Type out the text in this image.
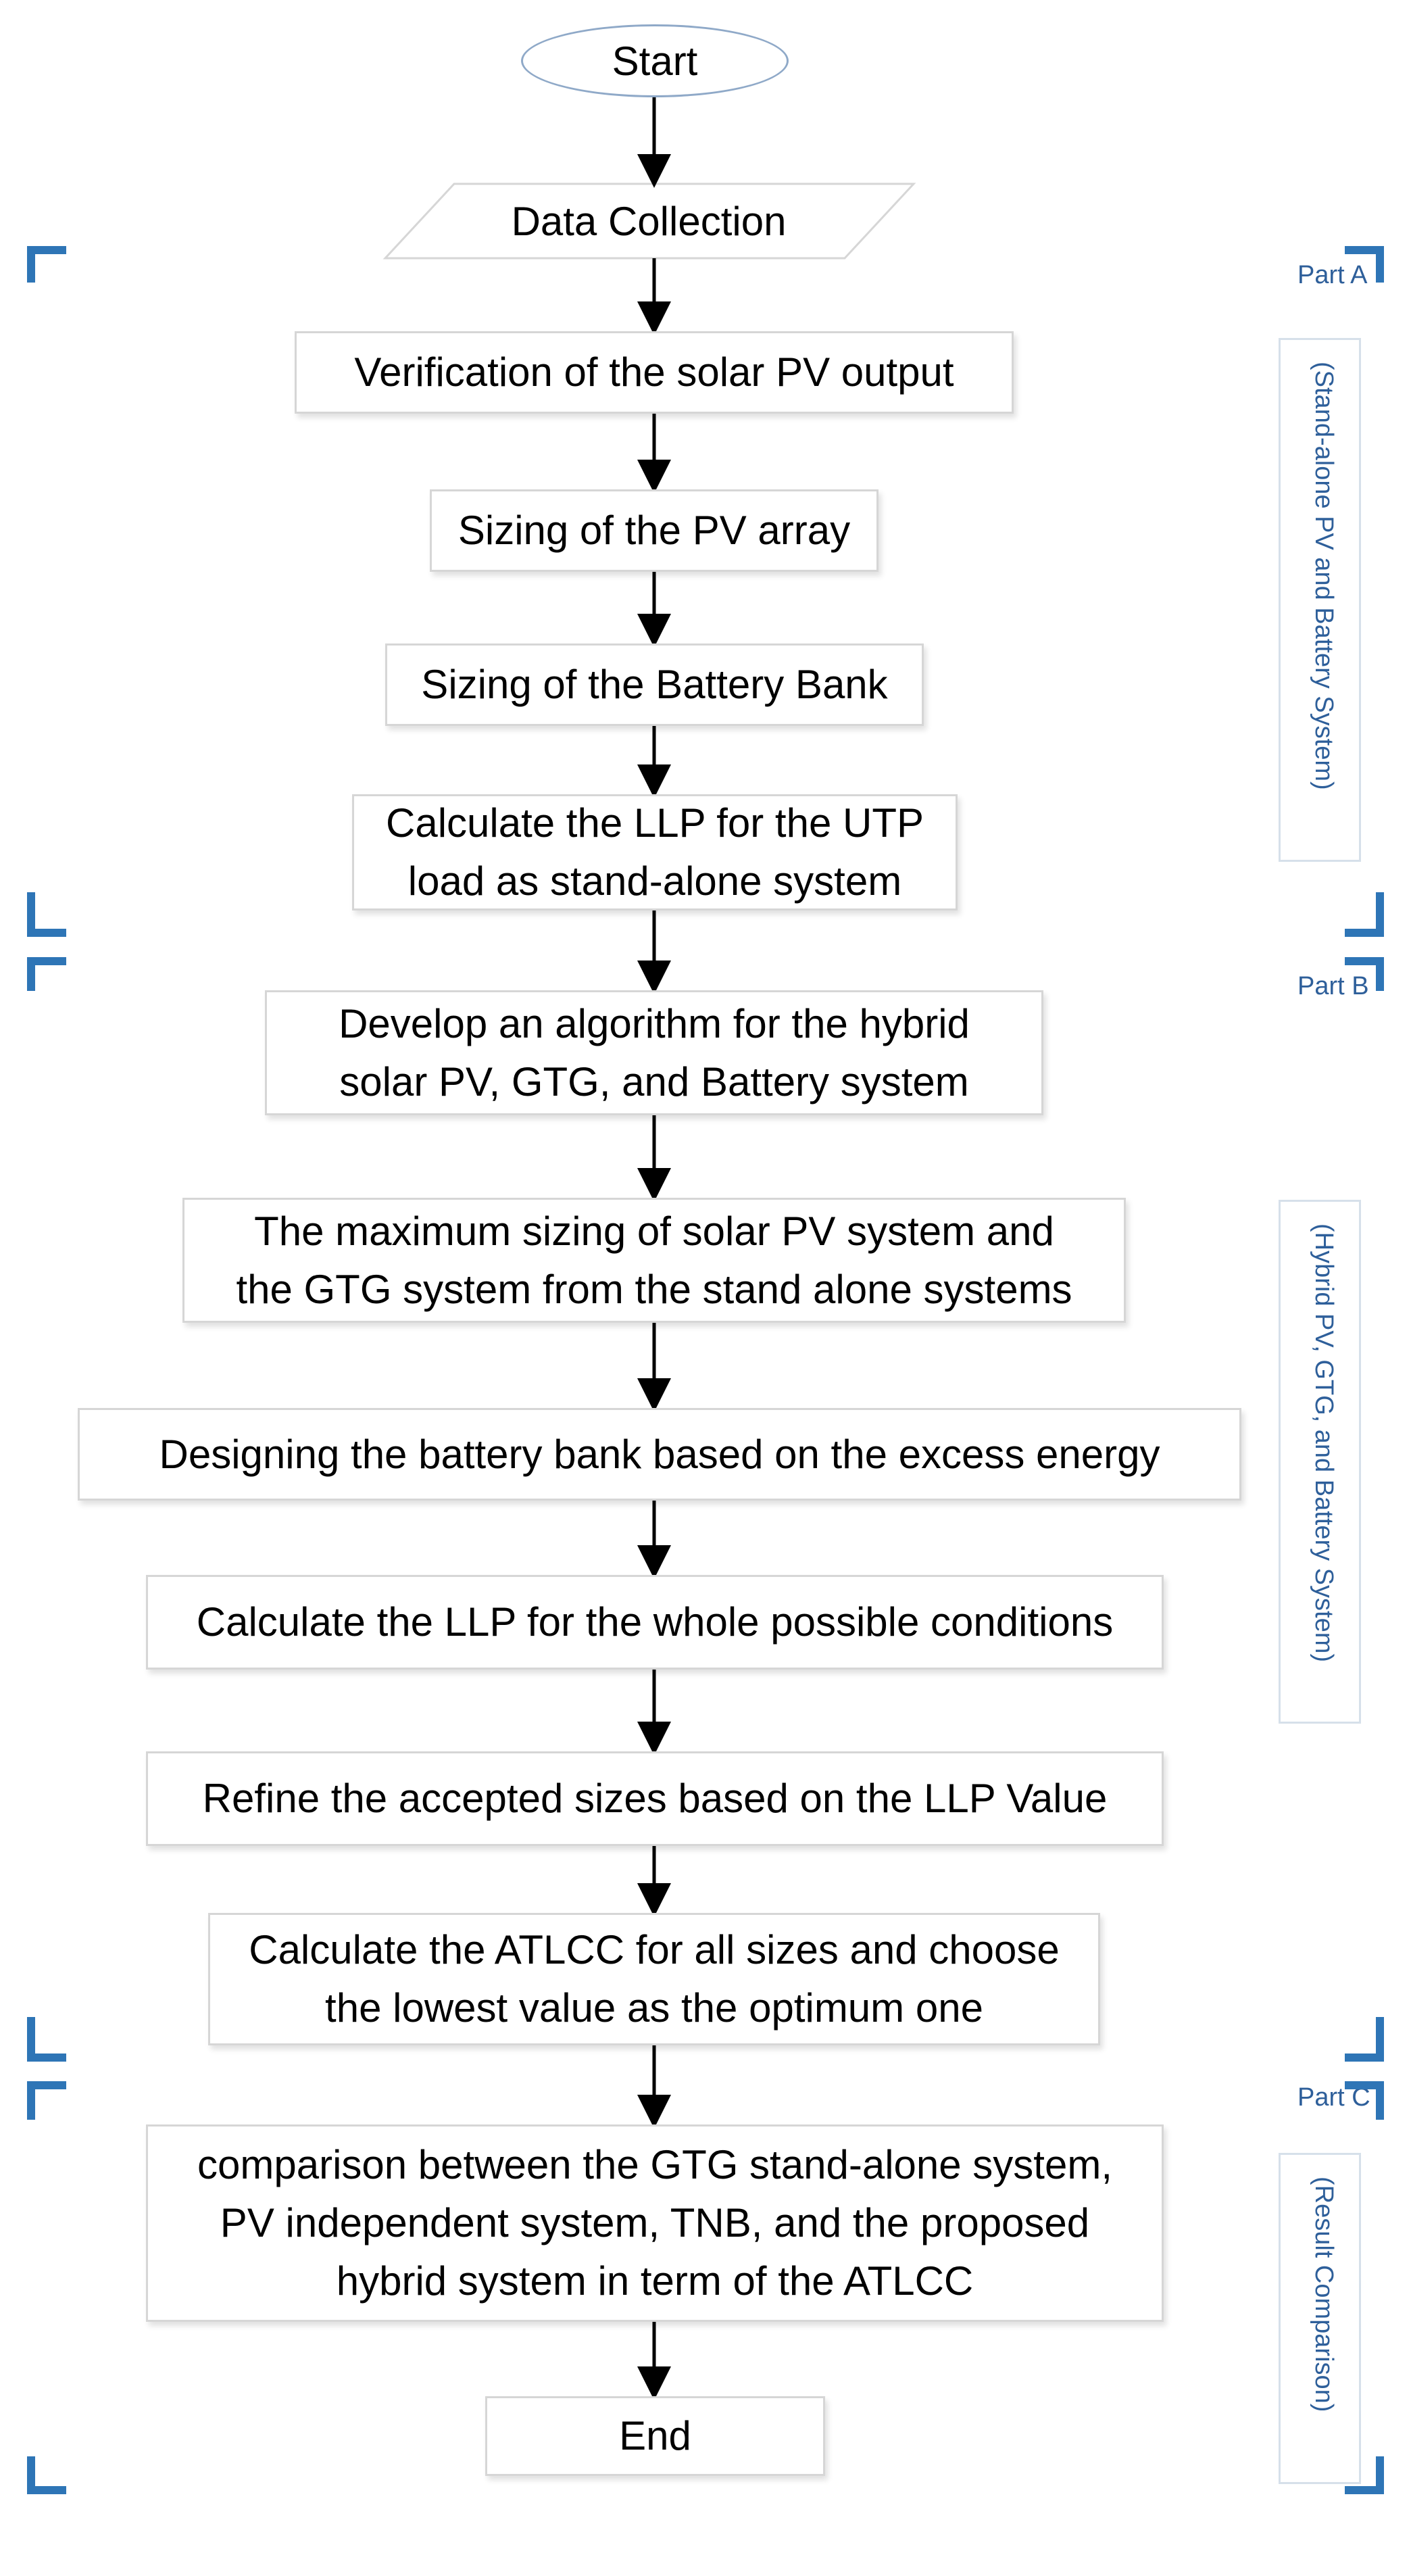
Start
Data Collection
Verification of the solar PV output
Sizing of the PV array
Sizing of the Battery Bank
Calculate the LLP for the UTP
load as stand-alone system
Develop an algorithm for the hybrid
solar PV, GTG, and Battery system
The maximum sizing of solar PV system and
the GTG system from the stand alone systems
Designing the battery bank based on the excess energy
Calculate the LLP for the whole possible conditions
Refine the accepted sizes based on the LLP Value
Calculate the ATLCC for all sizes and choose
the lowest value as the optimum one
comparison between the GTG stand-alone system,
PV independent system, TNB, and the proposed
hybrid system in term of the ATLCC
End
(Stand-alone PV and Battery System)
(Hybrid PV, GTG, and Battery System)
(Result Comparison)
Part A
Part B
Part C
